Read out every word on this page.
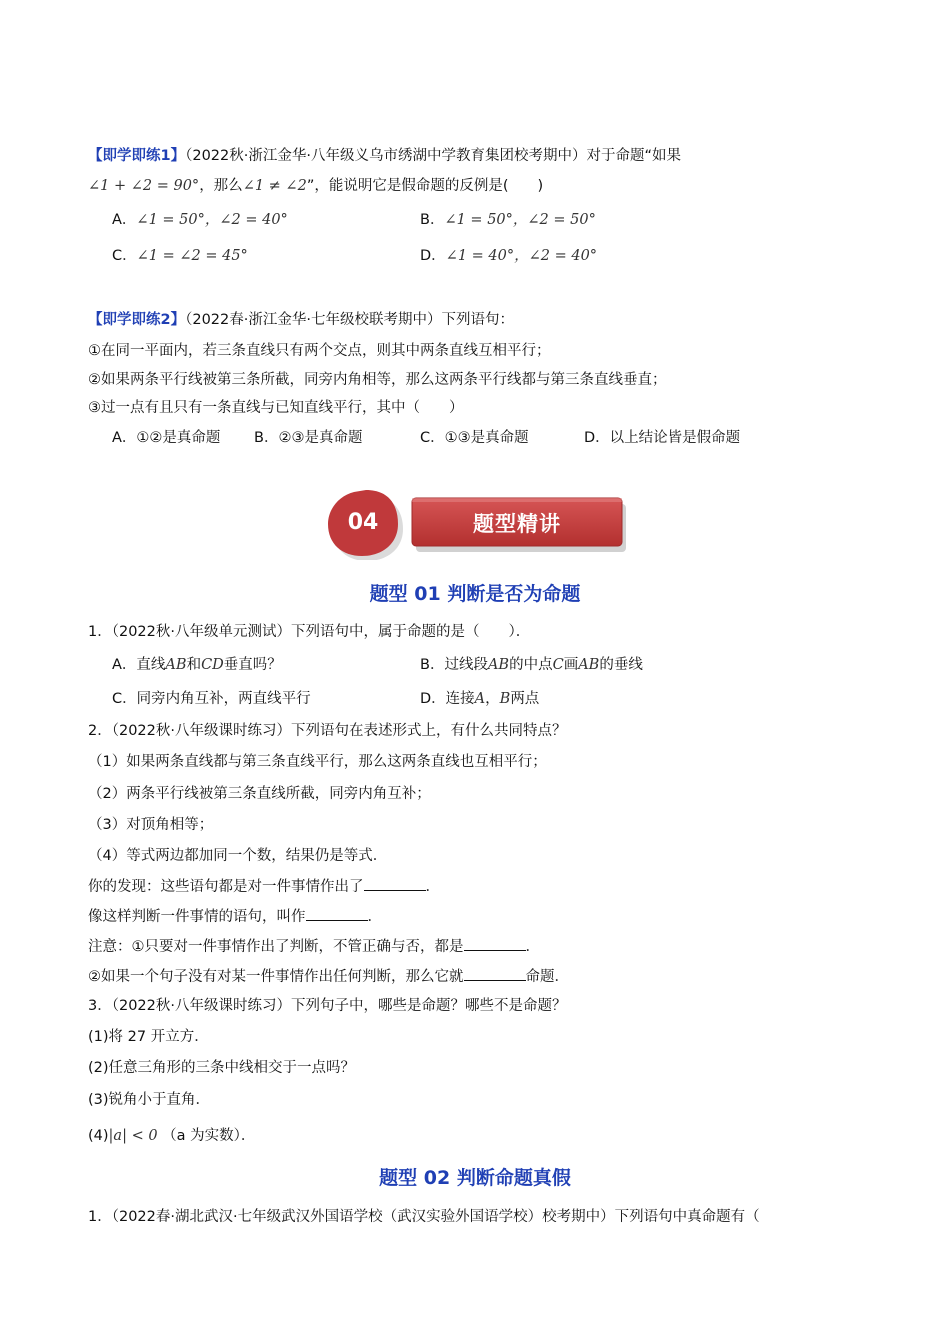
【即学即练1】（2022秋·浙江金华·八年级义乌市绣湖中学教育集团校考期中）对于命题“如果
∠1 + ∠2 = 90°，那么∠1 ≠ ∠2”，能说明它是假命题的反例是(　　)
A．∠1 = 50°，∠2 = 40°	B．∠1 = 50°，∠2 = 50°
C．∠1 = ∠2 = 45°	D．∠1 = 40°，∠2 = 40°
【即学即练2】（2022春·浙江金华·七年级校联考期中）下列语句：
①在同一平面内，若三条直线只有两个交点，则其中两条直线互相平行；
②如果两条平行线被第三条所截，同旁内角相等，那么这两条平行线都与第三条直线垂直；
③过一点有且只有一条直线与已知直线平行，其中（　　）
A．①②是真命题 B．②③是真命题	C．①③是真命题	D．以上结论皆是假命题
04	题型精讲
题型 01 判断是否为命题
1．（2022秋·八年级单元测试）下列语句中，属于命题的是（　　）．
A．直线AB和CD垂直吗？	B．过线段AB的中点C画AB的垂线
C．同旁内角互补，两直线平行	D．连接A，B两点
2．（2022秋·八年级课时练习）下列语句在表述形式上，有什么共同特点？
（1）如果两条直线都与第三条直线平行，那么这两条直线也互相平行；
（2）两条平行线被第三条直线所截，同旁内角互补；
（3）对顶角相等；
（4）等式两边都加同一个数，结果仍是等式．
你的发现：这些语句都是对一件事情作出了	．
像这样判断一件事情的语句，叫作	．
注意：①只要对一件事情作出了判断，不管正确与否，都是	．
②如果一个句子没有对某一件事情作出任何判断，那么它就	命题．
3．（2022秋·八年级课时练习）下列句子中，哪些是命题？哪些不是命题？
(1)将 27 开立方．
(2)任意三角形的三条中线相交于一点吗？
(3)锐角小于直角．
(4)|a| < 0 （a 为实数）．
题型 02 判断命题真假
1．（2022春·湖北武汉·七年级武汉外国语学校（武汉实验外国语学校）校考期中）下列语句中真命题有（
